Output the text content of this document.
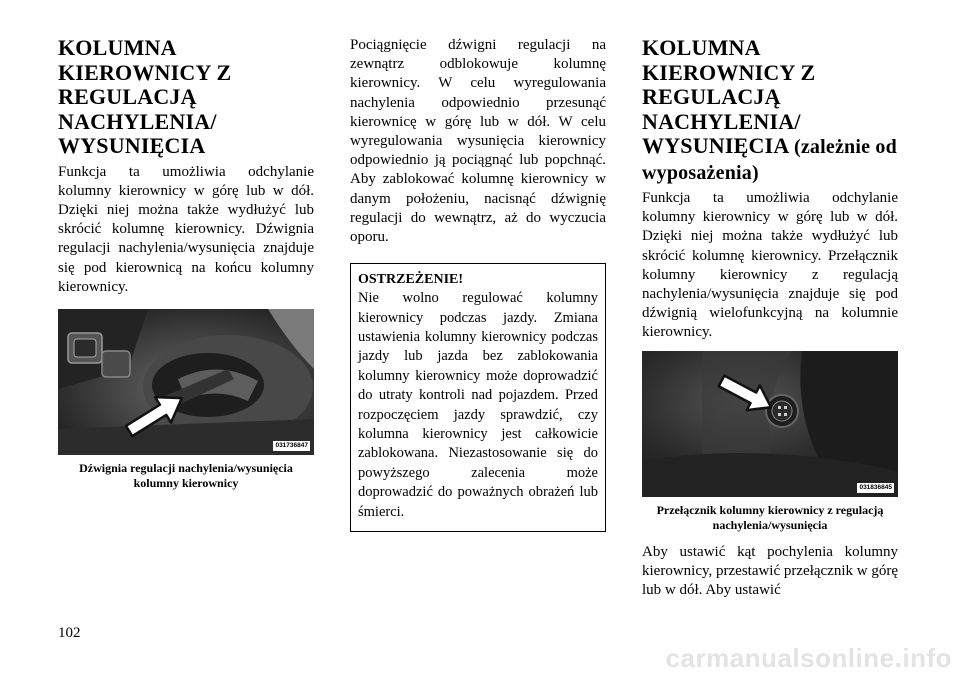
KOLUMNA KIEROWNICY Z REGULACJĄ NACHYLENIA/ WYSUNIĘCIA

Funkcja ta umożliwia odchylanie kolumny kierownicy w górę lub w dół. Dzięki niej można także wydłużyć lub skrócić kolumnę kierownicy. Dźwignia regulacji nachylenia/wysunięcia znajduje się pod kierownicą na końcu kolumny kierownicy.

031736847

Dźwignia regulacji nachylenia/wysunięcia kolumny kierownicy

Pociągnięcie dźwigni regulacji na zewnątrz odblokowuje kolumnę kierownicy. W celu wyregulowania nachylenia odpowiednio przesunąć kierownicę w górę lub w dół. W celu wyregulowania wysunięcia kierownicy odpowiednio ją pociągnąć lub popchnąć. Aby zablokować kolumnę kierownicy w danym położeniu, nacisnąć dźwignię regulacji do wewnątrz, aż do wyczucia oporu.

OSTRZEŻENIE!

Nie wolno regulować kolumny kierownicy podczas jazdy. Zmiana ustawienia kolumny kierownicy podczas jazdy lub jazda bez zablokowania kolumny kierownicy może doprowadzić do utraty kontroli nad pojazdem. Przed rozpoczęciem jazdy sprawdzić, czy kolumna kierownicy jest całkowicie zablokowana. Niezastosowanie się do powyższego zalecenia może doprowadzić do poważnych obrażeń lub śmierci.

KOLUMNA KIEROWNICY Z REGULACJĄ NACHYLENIA/ WYSUNIĘCIA (zależnie od wyposażenia)

Funkcja ta umożliwia odchylanie kolumny kierownicy w górę lub w dół. Dzięki niej można także wydłużyć lub skrócić kolumnę kierownicy. Przełącznik kolumny kierownicy z regulacją nachylenia/wysunięcia znajduje się pod dźwignią wielofunkcyjną na kolumnie kierownicy.

031836845

Przełącznik kolumny kierownicy z regulacją nachylenia/wysunięcia

Aby ustawić kąt pochylenia kolumny kierownicy, przestawić przełącznik w górę lub w dół. Aby ustawić

102
carmanualsonline.info
